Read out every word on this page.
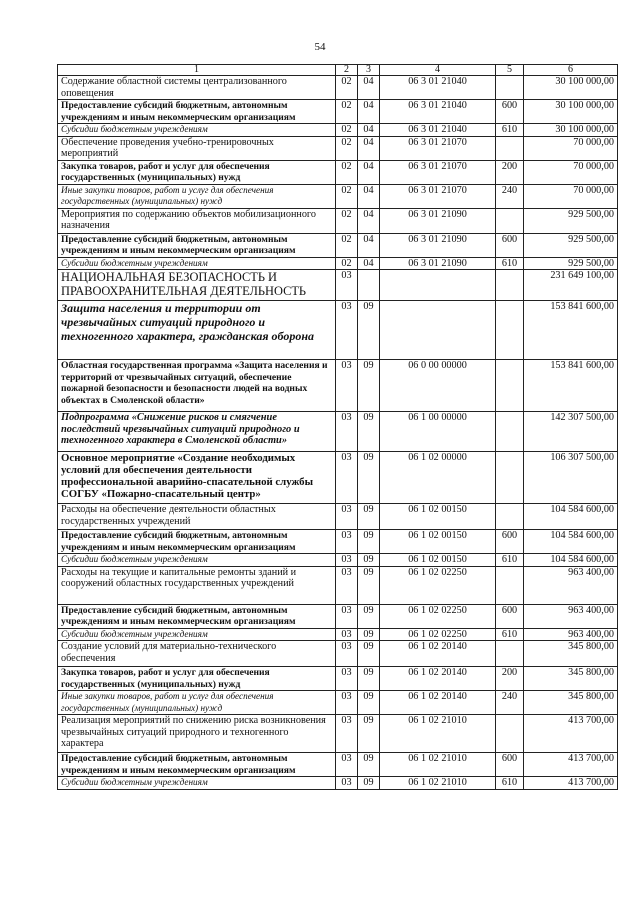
54
1	2	3	4	5	6
Содержание областной системы централизованного оповещения	02	04	06 3 01 21040		30 100 000,00
Предоставление субсидий бюджетным, автономным учреждениям и иным некоммерческим организациям	02	04	06 3 01 21040	600	30 100 000,00
Субсидии бюджетным учреждениям	02	04	06 3 01 21040	610	30 100 000,00
Обеспечение проведения учебно-тренировочных мероприятий	02	04	06 3 01 21070		70 000,00
Закупка товаров, работ и услуг для обеспечения государственных (муниципальных) нужд	02	04	06 3 01 21070	200	70 000,00
Иные закупки товаров, работ и услуг для обеспечения государственных (муниципальных) нужд	02	04	06 3 01 21070	240	70 000,00
Мероприятия по содержанию объектов мобилизационного назначения	02	04	06 3 01 21090		929 500,00
Предоставление субсидий бюджетным, автономным учреждениям и иным некоммерческим организациям	02	04	06 3 01 21090	600	929 500,00
Субсидии бюджетным учреждениям	02	04	06 3 01 21090	610	929 500,00
НАЦИОНАЛЬНАЯ БЕЗОПАСНОСТЬ И ПРАВООХРАНИТЕЛЬНАЯ ДЕЯТЕЛЬНОСТЬ	03				231 649 100,00
Защита населения и территории от чрезвычайных ситуаций природного и техногенного характера, гражданская оборона	03	09			153 841 600,00
Областная государственная программа «Защита населения и территорий от чрезвычайных ситуаций, обеспечение пожарной безопасности и безопасности людей на водных объектах в Смоленской области»	03	09	06 0 00 00000		153 841 600,00
Подпрограмма «Снижение рисков и смягчение последствий чрезвычайных ситуаций природного и техногенного характера в Смоленской области»	03	09	06 1 00 00000		142 307 500,00
Основное мероприятие «Создание необходимых условий для обеспечения деятельности профессиональной аварийно-спасательной службы СОГБУ «Пожарно-спасательный центр»	03	09	06 1 02 00000		106 307 500,00
Расходы на обеспечение деятельности областных государственных учреждений	03	09	06 1 02 00150		104 584 600,00
Предоставление субсидий бюджетным, автономным учреждениям и иным некоммерческим организациям	03	09	06 1 02 00150	600	104 584 600,00
Субсидии бюджетным учреждениям	03	09	06 1 02 00150	610	104 584 600,00
Расходы на текущие и капитальные ремонты зданий и сооружений областных государственных учреждений	03	09	06 1 02 02250		963 400,00
Предоставление субсидий бюджетным, автономным учреждениям и иным некоммерческим организациям	03	09	06 1 02 02250	600	963 400,00
Субсидии бюджетным учреждениям	03	09	06 1 02 02250	610	963 400,00
Создание условий для материально-технического обеспечения	03	09	06 1 02 20140		345 800,00
Закупка товаров, работ и услуг для обеспечения государственных (муниципальных) нужд	03	09	06 1 02 20140	200	345 800,00
Иные закупки товаров, работ и услуг для обеспечения государственных (муниципальных) нужд	03	09	06 1 02 20140	240	345 800,00
Реализация мероприятий по снижению риска возникновения чрезвычайных ситуаций природного и техногенного характера	03	09	06 1 02 21010		413 700,00
Предоставление субсидий бюджетным, автономным учреждениям и иным некоммерческим организациям	03	09	06 1 02 21010	600	413 700,00
Субсидии бюджетным учреждениям	03	09	06 1 02 21010	610	413 700,00
